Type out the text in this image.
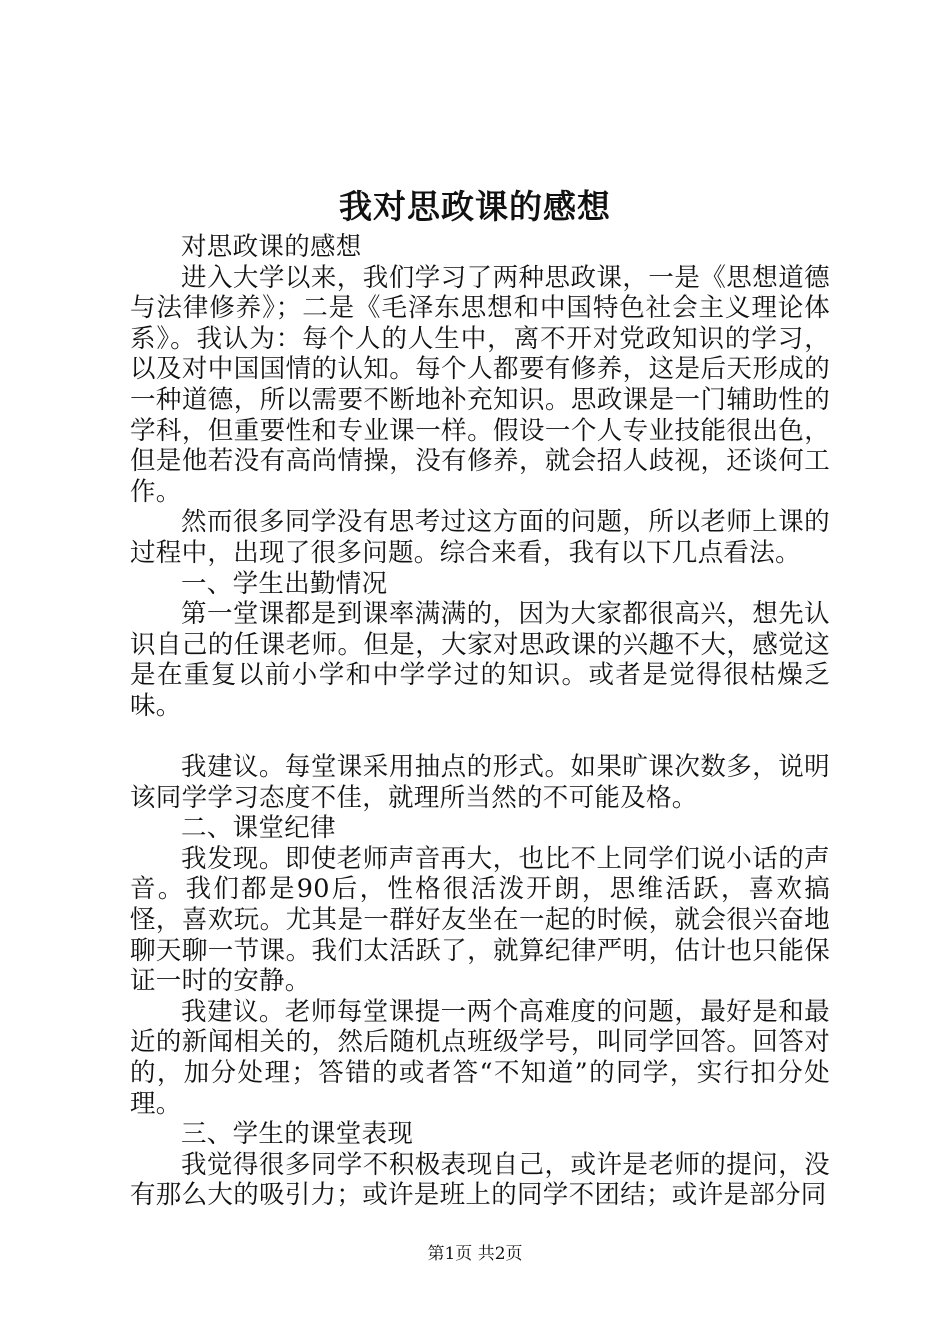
我对思政课的感想

对思政课的感想

进入大学以来，我们学习了两种思政课，一是《思想道德与法律修养》；二是《毛泽东思想和中国特色社会主义理论体系》。我认为：每个人的人生中，离不开对党政知识的学习，以及对中国国情的认知。每个人都要有修养，这是后天形成的一种道德，所以需要不断地补充知识。思政课是一门辅助性的学科，但重要性和专业课一样。假设一个人专业技能很出色，但是他若没有高尚情操，没有修养，就会招人歧视，还谈何工作。

然而很多同学没有思考过这方面的问题，所以老师上课的过程中，出现了很多问题。综合来看，我有以下几点看法。

一、学生出勤情况

第一堂课都是到课率满满的，因为大家都很高兴，想先认识自己的任课老师。但是，大家对思政课的兴趣不大，感觉这是在重复以前小学和中学学过的知识。或者是觉得很枯燥乏味。

我建议。每堂课采用抽点的形式。如果旷课次数多，说明该同学学习态度不佳，就理所当然的不可能及格。

二、课堂纪律

我发现。即使老师声音再大，也比不上同学们说小话的声音。我们都是90后，性格很活泼开朗，思维活跃，喜欢搞怪，喜欢玩。尤其是一群好友坐在一起的时候，就会很兴奋地聊天聊一节课。我们太活跃了，就算纪律严明，估计也只能保证一时的安静。

我建议。老师每堂课提一两个高难度的问题，最好是和最近的新闻相关的，然后随机点班级学号，叫同学回答。回答对的，加分处理；答错的或者答“不知道”的同学，实行扣分处理。

三、学生的课堂表现

我觉得很多同学不积极表现自己，或许是老师的提问，没有那么大的吸引力；或许是班上的同学不团结；或许是部分同

第1页 共2页
